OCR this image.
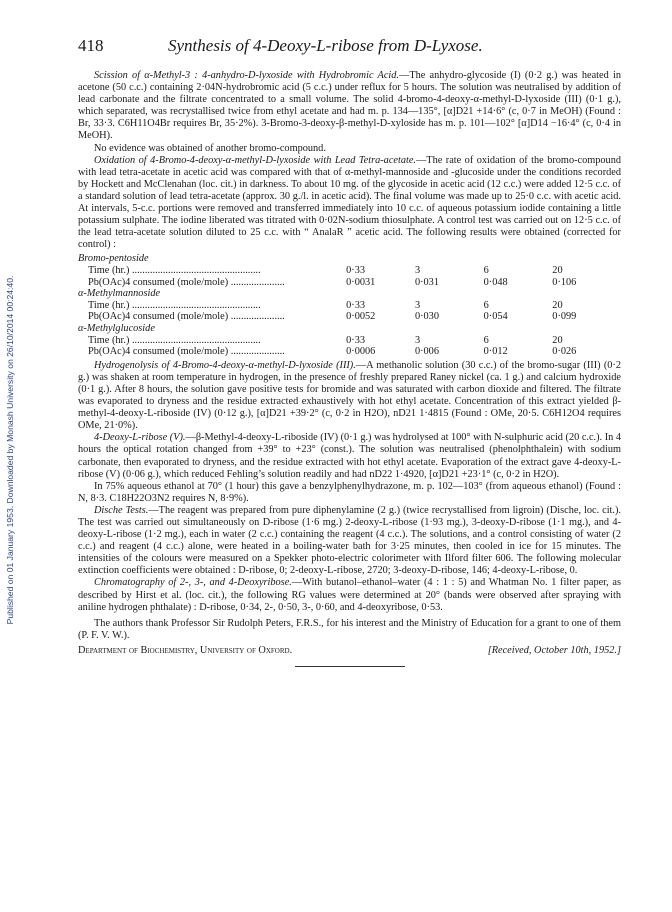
Published on 01 January 1953. Downloaded by Monash University on 26/10/2014 00:24:40.
418	Synthesis of 4-Deoxy-L-ribose from D-Lyxose.

Scission of α-Methyl-3 : 4-anhydro-D-lyxoside with Hydrobromic Acid.—The anhydro-glycoside (I) (0·2 g.) was heated in acetone (50 c.c.) containing 2·04N-hydrobromic acid (5 c.c.) under reflux for 5 hours. The solution was neutralised by addition of lead carbonate and the filtrate concentrated to a small volume. The solid 4-bromo-4-deoxy-α-methyl-D-lyxoside (III) (0·1 g.), which separated, was recrystallised twice from ethyl acetate and had m. p. 134—135°, [α]D21 +14·6° (c, 0·7 in MeOH) (Found : Br, 33·3. C6H11O4Br requires Br, 35·2%). 3-Bromo-3-deoxy-β-methyl-D-xyloside has m. p. 101—102° [α]D14 −16·4° (c, 0·4 in MeOH).

No evidence was obtained of another bromo-compound.

Oxidation of 4-Bromo-4-deoxy-α-methyl-D-lyxoside with Lead Tetra-acetate.—The rate of oxidation of the bromo-compound with lead tetra-acetate in acetic acid was compared with that of α-methyl-mannoside and -glucoside under the conditions recorded by Hockett and McClenahan (loc. cit.) in darkness. To about 10 mg. of the glycoside in acetic acid (12 c.c.) were added 12·5 c.c. of a standard solution of lead tetra-acetate (approx. 30 g./l. in acetic acid). The final volume was made up to 25·0 c.c. with acetic acid. At intervals, 5-c.c. portions were removed and transferred immediately into 10 c.c. of aqueous potassium iodide containing a little potassium sulphate. The iodine liberated was titrated with 0·02N-sodium thiosulphate. A control test was carried out on 12·5 c.c. of the lead tetra-acetate solution diluted to 25 c.c. with “ AnalaR ” acetic acid. The following results were obtained (corrected for control) :

Bromo-pentoside				
Time (hr.) ..................................................	0·33	3	6	20
Pb(OAc)4 consumed (mole/mole) .....................	0·0031	0·031	0·048	0·106
α-Methylmannoside				
Time (hr.) ..................................................	0·33	3	6	20
Pb(OAc)4 consumed (mole/mole) .....................	0·0052	0·030	0·054	0·099
α-Methylglucoside				
Time (hr.) ..................................................	0·33	3	6	20
Pb(OAc)4 consumed (mole/mole) .....................	0·0006	0·006	0·012	0·026

Hydrogenolysis of 4-Bromo-4-deoxy-α-methyl-D-lyxoside (III).—A methanolic solution (30 c.c.) of the bromo-sugar (III) (0·2 g.) was shaken at room temperature in hydrogen, in the presence of freshly prepared Raney nickel (ca. 1 g.) and calcium hydroxide (0·1 g.). After 8 hours, the solution gave positive tests for bromide and was saturated with carbon dioxide and filtered. The filtrate was evaporated to dryness and the residue extracted exhaustively with hot ethyl acetate. Concentration of this extract yielded β-methyl-4-deoxy-L-riboside (IV) (0·12 g.), [α]D21 +39·2° (c, 0·2 in H2O), nD21 1·4815 (Found : OMe, 20·5. C6H12O4 requires OMe, 21·0%).

4-Deoxy-L-ribose (V).—β-Methyl-4-deoxy-L-riboside (IV) (0·1 g.) was hydrolysed at 100° with N-sulphuric acid (20 c.c.). In 4 hours the optical rotation changed from +39° to +23° (const.). The solution was neutralised (phenolphthalein) with sodium carbonate, then evaporated to dryness, and the residue extracted with hot ethyl acetate. Evaporation of the extract gave 4-deoxy-L-ribose (V) (0·06 g.), which reduced Fehling’s solution readily and had nD22 1·4920, [α]D21 +23·1° (c, 0·2 in H2O).

In 75% aqueous ethanol at 70° (1 hour) this gave a benzylphenylhydrazone, m. p. 102—103° (from aqueous ethanol) (Found : N, 8·3. C18H22O3N2 requires N, 8·9%).

Dische Tests.—The reagent was prepared from pure diphenylamine (2 g.) (twice recrystallised from ligroin) (Dische, loc. cit.). The test was carried out simultaneously on D-ribose (1·6 mg.) 2-deoxy-L-ribose (1·93 mg.), 3-deoxy-D-ribose (1·1 mg.), and 4-deoxy-L-ribose (1·2 mg.), each in water (2 c.c.) containing the reagent (4 c.c.). The solutions, and a control consisting of water (2 c.c.) and reagent (4 c.c.) alone, were heated in a boiling-water bath for 3·25 minutes, then cooled in ice for 15 minutes. The intensities of the colours were measured on a Spekker photo-electric colorimeter with Ilford filter 606. The following molecular extinction coefficients were obtained : D-ribose, 0; 2-deoxy-L-ribose, 2720; 3-deoxy-D-ribose, 146; 4-deoxy-L-ribose, 0.

Chromatography of 2-, 3-, and 4-Deoxyribose.—With butanol–ethanol–water (4 : 1 : 5) and Whatman No. 1 filter paper, as described by Hirst et al. (loc. cit.), the following RG values were determined at 20° (bands were observed after spraying with aniline hydrogen phthalate) : D-ribose, 0·34, 2-, 0·50, 3-, 0·60, and 4-deoxyribose, 0·53.

The authors thank Professor Sir Rudolph Peters, F.R.S., for his interest and the Ministry of Education for a grant to one of them (P. F. V. W.).

Department of Biochemistry, University of Oxford.	[Received, October 10th, 1952.]
